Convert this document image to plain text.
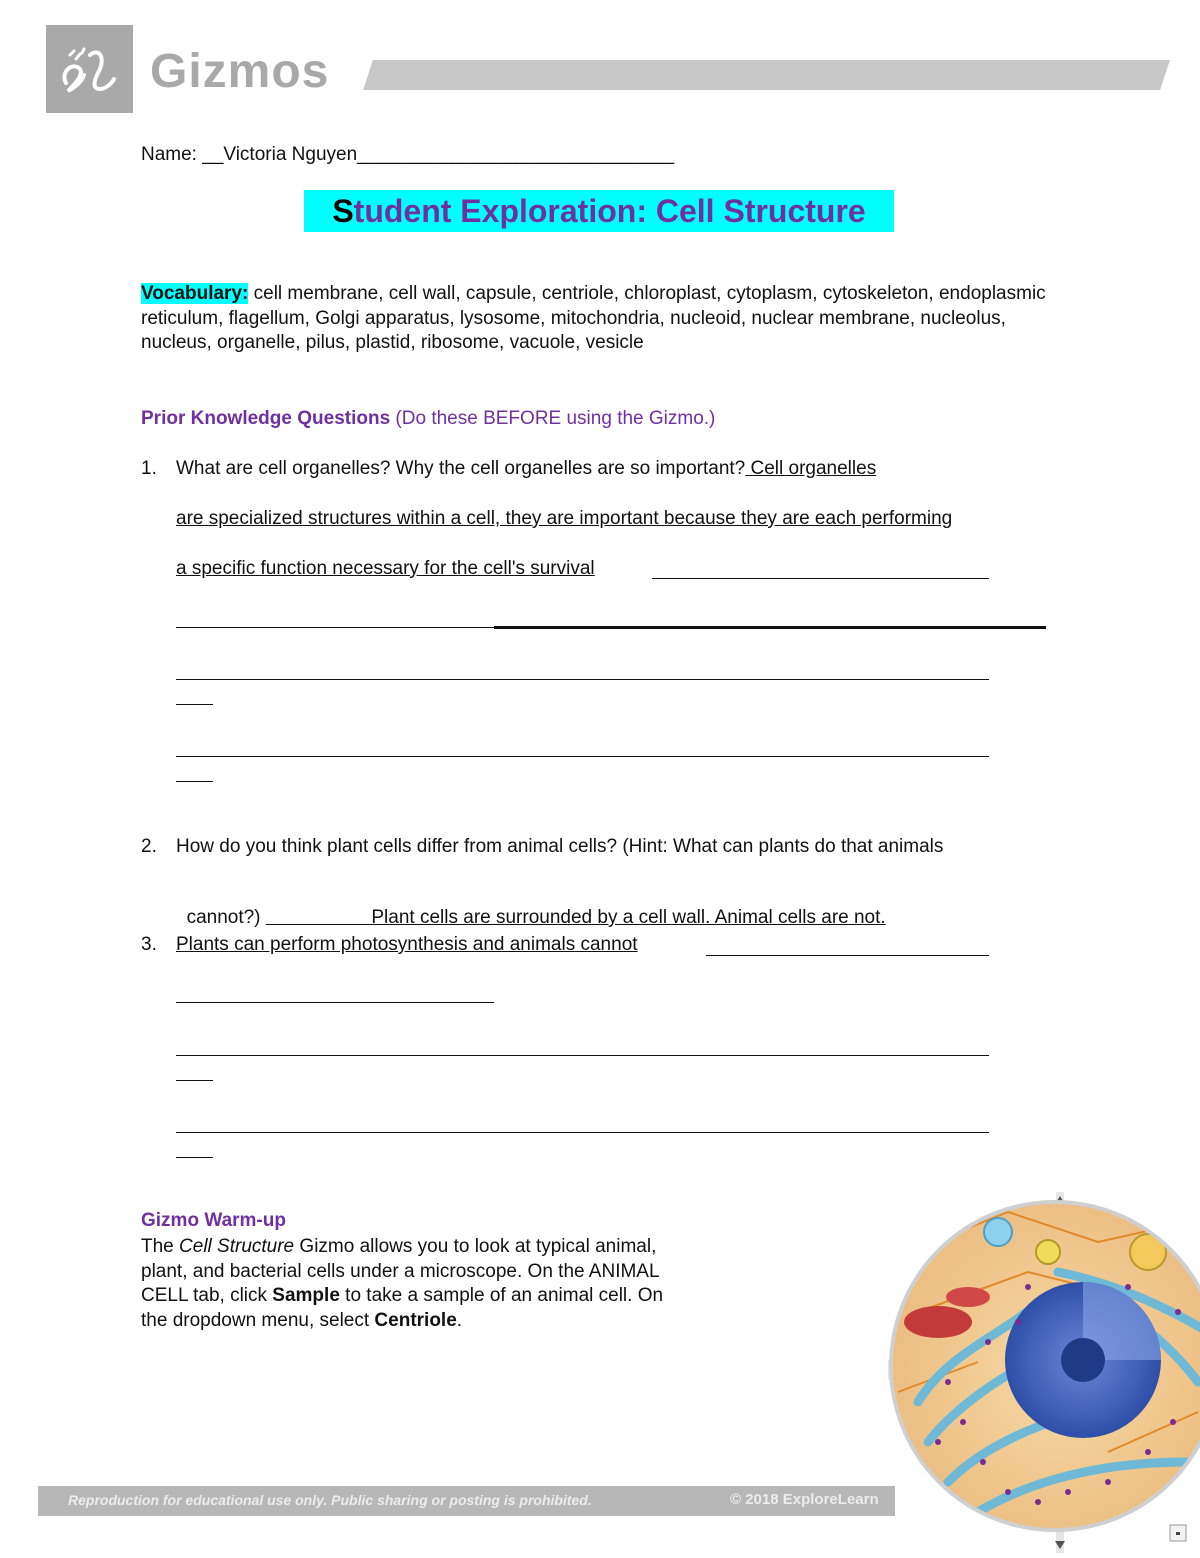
Gizmos
Name: __Victoria Nguyen______________________________
Student Exploration: Cell Structure
Vocabulary: cell membrane, cell wall, capsule, centriole, chloroplast, cytoplasm, cytoskeleton, endoplasmic reticulum, flagellum, Golgi apparatus, lysosome, mitochondria, nucleoid, nuclear membrane, nucleolus, nucleus, organelle, pilus, plastid, ribosome, vacuole, vesicle
Prior Knowledge Questions (Do these BEFORE using the Gizmo.)
1. What are cell organelles? Why the cell organelles are so important? Cell organelles
are specialized structures within a cell, they are important because they are each performing
a specific function necessary for the cell's survival
2. How do you think plant cells differ from animal cells? (Hint: What can plants do that animals

cannot?)                     Plant cells are surrounded by a cell wall. Animal cells are not.

3. Plants can perform photosynthesis and animals cannot
Gizmo Warm-up
The Cell Structure Gizmo allows you to look at typical animal, plant, and bacterial cells under a microscope. On the ANIMAL CELL tab, click Sample to take a sample of an animal cell. On the dropdown menu, select Centriole.
Reproduction for educational use only. Public sharing or posting is prohibited.	© 2018 ExploreLearn
